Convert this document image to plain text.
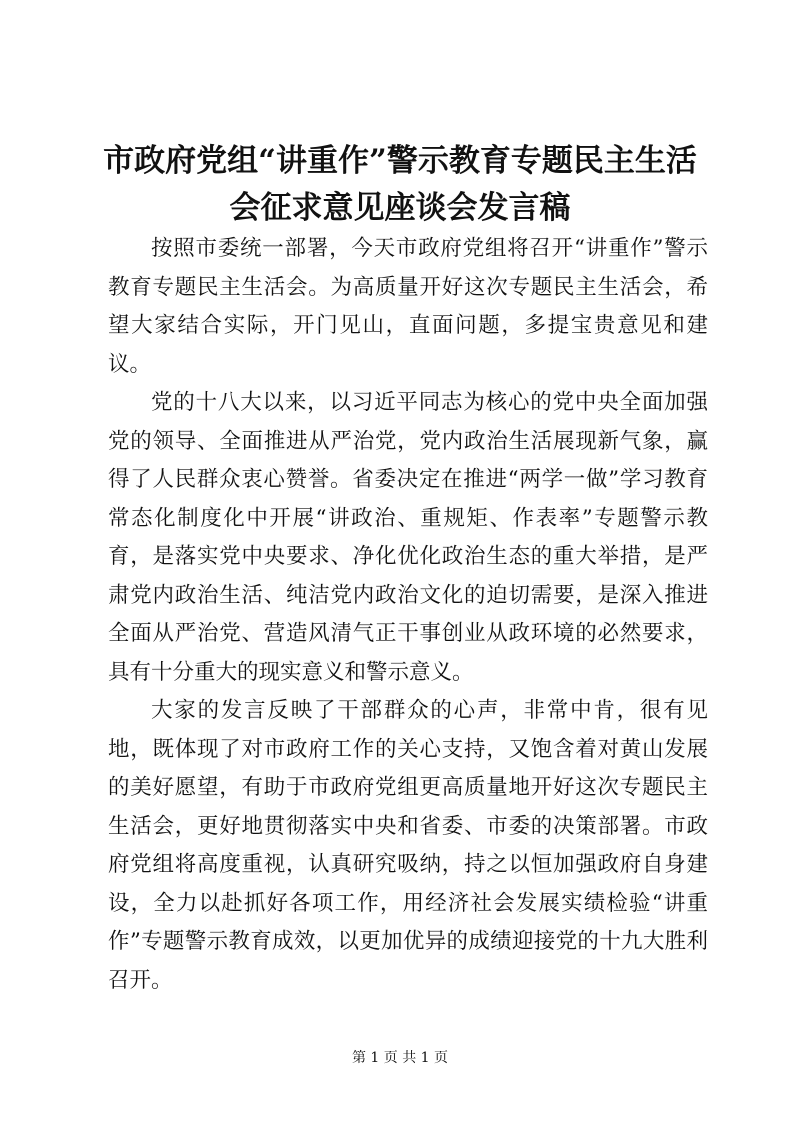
市政府党组“讲重作”警示教育专题民主生活
会征求意见座谈会发言稿

按照市委统一部署，今天市政府党组将召开“讲重作”警示教育专题民主生活会。为高质量开好这次专题民主生活会，希望大家结合实际，开门见山，直面问题，多提宝贵意见和建议。

党的十八大以来，以习近平同志为核心的党中央全面加强党的领导、全面推进从严治党，党内政治生活展现新气象，赢得了人民群众衷心赞誉。省委决定在推进“两学一做”学习教育常态化制度化中开展“讲政治、重规矩、作表率”专题警示教育，是落实党中央要求、净化优化政治生态的重大举措，是严肃党内政治生活、纯洁党内政治文化的迫切需要，是深入推进全面从严治党、营造风清气正干事创业从政环境的必然要求，具有十分重大的现实意义和警示意义。

大家的发言反映了干部群众的心声，非常中肯，很有见地，既体现了对市政府工作的关心支持，又饱含着对黄山发展的美好愿望，有助于市政府党组更高质量地开好这次专题民主生活会，更好地贯彻落实中央和省委、市委的决策部署。市政府党组将高度重视，认真研究吸纳，持之以恒加强政府自身建设，全力以赴抓好各项工作，用经济社会发展实绩检验“讲重作”专题警示教育成效，以更加优异的成绩迎接党的十九大胜利召开。

第 1 页 共 1 页
